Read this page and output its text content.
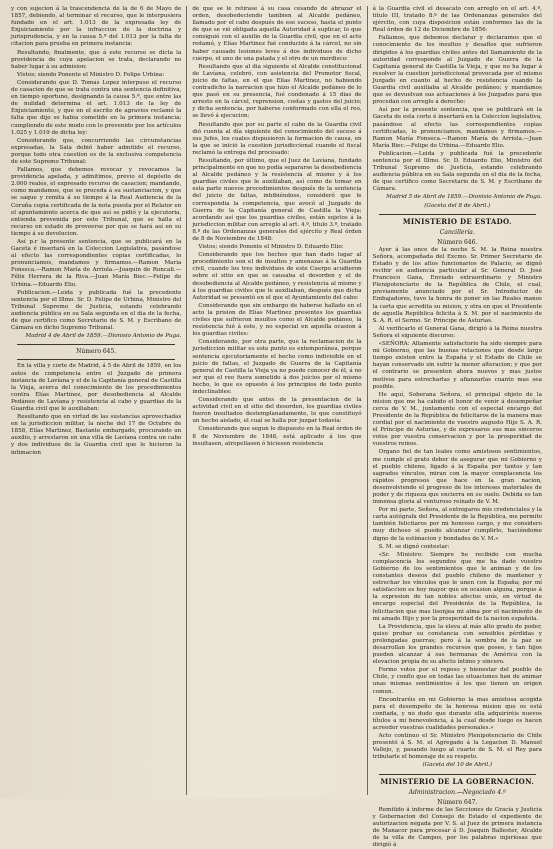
y con sujecion á la trascendencia de la de 6 de Mayo de 1857, debiendo, al terminar el recurso, que le interpusiera fundado en el art. 1.013 de la expresada ley de Enjuiciamiento por la infraccion de la doctrina y jurisprudencia, y en la causa 5.ª del 1.013 por la falta de citacion para prueba en primera instancia:

Resultando, finalmente, que á este recurso se dicta la providencia de cuya apelacion se trata, declarando no haber lugar á su admision:

Vistos; siendo Ponente el Ministro D. Felipe Urbina:

Considerando que D. Tomas Lopez interpuso el recurso de casacion de que se trata contra una sentencia definitiva, en tiempo oportuno, designando la causa 5.ª, que entre las de nulidad determina el art. 1.013 de la ley de Enjuiciamiento, y que en el escrito de agravios reclamó la falta que dijo se habia cometido en la primera instancia; cumpliendo de este modo con lo prevenido por los artículos 1.025 y 1.019 de dicha ley:

Considerando que, concurriendo las circunstancias expresadas, la Sala debió haber admitido el recurso, porque todo otra cuestion es de la exclusiva competencia de este Supremo Tribunal:

Fallamos, que debemos revocar y revocamos la providencia apelada, y admitimos, previo el depósito de 2.000 reales, el expresado recurso de casacion; mandando, como mandamos, que se proceda á su sustanciacion, y que se saque y remita á su tiempo á la Real Audiencia de la Coruña copia certificada de la nota puesta por el Relator en el apuntamiento acerca de que así se pidió y la ejecutoria, entienda prevenida por este Tribunal, que se halla el recurso en estado de proveerse por que se hará así en su tiempo á su devolucion.

Así p.r la presente sentencia, que se publicará en la Gaceta é insertará en la Coleccion Legislativa, pasándose al efecto las correspondientes copias certificadas, lo pronunciamos, mandamos y firmamos.—Ramon Maria Fonseca.—Ramon María de Arriola.—Joaquin de Roncali.—Félix Herrera de la Riva.—Juan María Biec.—Felipe de Urbina.—Eduardo Elio.

Publicacion.—Leida y publicada fué la precedente sentencia por el Illmo. Sr. D. Felipe de Urbina, Ministro del Tribunal Supremo de Justicia, estando celebrando audiencia pública en su Sala segunda en el dia de la fecha, de que certifico como Secretario de S. M. y Escribano de Cámara en dicho Supremo Tribunal.

Madrid 4 de Abril de 1859.—Dionisio Antonio de Puga.

Número 645.

En la villa y corte de Madrid, á 5 de Abril de 1859, en los autos de competencia entre el Juzgado de primera instancia de Lavíana y el de la Capitanía general de Castilla la Vieja, acerca del conocimiento de los procedimientos contra Elías Martinez, por desobediencia al Alcalde Pedáneo de Lavíana y resistencia al cabo y guardias de la Guardia civil que le auxiliaban:

Resultando que en virtud de las sustancias aprovechadas en la jurisdiccion militar, la noche del 17 de Octubre de 1858, Elías Martinez, Bastante embargado, procurando un auxilio, y arrestaron en una villa de Lavíana contra un cabo y dos individuos de la Guardia civil que le hicieron la intimacion

de que se le retirase á su casa cesando de abrazar el orden, desobedeciendo tambien al Alcalde pedáneo, llamado por el cabo después de ese suceso, hasta el punto de que se vió obligada aquella Autoridad á suplicar, lo que consiguió con el auxilio de la Guardia civil, que en el acto redamó, y Elías Martinez fué conducido á la cárcel, no sin haber causado lesiones leves á dos individuos de dicho cuerpo, el uno de una patada y el otro de un mordisco:

Resultando que al dia siguiente el Alcalde constitucional de Lavíana, celebró, con asistencia del Promotor fiscal, juicio de faltas, en el que Elías Martinez, no habiendo contradicho la narracion que hizo el Alcalde pedáneo de lo que pasó en su presencia, fué condenado á 15 dias de arresto en la cárcel, reprension, costas y gastos del juicio; y dicha sentencia, por haberse conformado con ella el reo, se llevó á ejecucion:

Resultando que por su parte el cabo de la Guardia civil dió cuenta al día siguiente del conocimiento del suceso á sus Jefes, los cuales dispusieron la formacion de causa, en la que se inició la cuestion jurisdiccional cuando el fiscal reclamó la entrega del procesado:

Resultando, por último, que el Juez de Lavíana, fundado principalmente en que no podia separarse la desobediencia al Alcalde pedáneo y la resistencia al mismo y á los guardias civiles que le auxiliaban, así como de tomar en esta parte nuevos procedimientos después de la sentencia del juicio de faltas, inhibiéndose, consideró que le correspondia la competencia, que avocó al Juzgado de Guerra de la Capitanía general de Castilla la Vieja; acordando así que los guardias civiles, están sujetos á la jurisdiccion militar con arreglo al art. 4.º, titulo 3.º, tratado 8.º de las Ordenanzas generales del ejército y Real órden de 8 de Noviembre de 1848:

Vistos; siendo Ponente el Ministro D. Eduardo Elio:

Considerando que los hechos que han dado lugar al procedimiento son el de insultos y amenazas á la Guardia civil, cuando los tres individuos de este Cuerpo acudieron sobre el sitio en que se causaba el desorden y el de desobediencia al Alcalde pedáneo, y resistencia al mismo y á los guardias civiles que le auxiliaban, después que dicha Autoridad se presentó en el que el Ayuntamiento del cabo:

Considerando que sin embargo de haberse hallado en el acto la prision de Elías Martinez presentes los guardias civiles que sufrieron insultos como el Alcalde pedáneo, la resistencia fué á este, y no especial en aquella ocasion á los guardias civiles:

Considerando, por otra parte, que la reclamacion de la jurisdiccion militar es este punto es extemporánea, porque sentencia ejecutoriamente el hecho como indivisible en el juicio de faltas, el Juzgado de Guerra de la Capitanía general de Castilla la Vieja ya no puede conocer de él, á no ser que el reo fuera sometido á dos juicios por el mismo hecho, lo que es opuesto á los principios de todo punto indeclinables:

Considerando que antes de la presentacion de la actividad civil en el sitio del desorden, los guardias civiles fueron insultados destemplanadamente, lo que constituyó un hecho aislado, el cual se halla por juzgar todavía:

Considerando que segun lo dispuesto en la Real órden de 8 de Noviembre de 1848, está aplicado á los que insultasen, atropellasen ó hiciesen resistencia

á la Guardia civil el desacato con arreglo en el art. 4.º, titulo III, tratado 8.º de las Ordenanzas generales del ejército, con cuya disposicion están conformes las de la Real órden de 12 de Diciembre de 1856:

Fallamos, que debemos declarar y declaramos que el conocimiento de los insultos y desafíos que sufrieron dirigidos á los guardias civiles antes del llamamiento de la autoridad corresponde al Juzgado de Guerra de la Capitanía general de Castilla la Vieja, y que no ha lugar á resolver la cuestion jurisdiccional provocada por el mismo Juzgado en cuanto al hecho de resistencia cuando la Guardia civil auxiliaba al Alcalde pedáneo; y mandamos que se devuelvan sus actuaciones á los Juzgados para que procedan con arreglo á derecho:

Así por la presente sentencia, que se publicará en la Gaceta de esta corte é insertará en la Coleccion legislativa, pasándose al efecto las correspondientes copias certificadas, lo pronunciamos, mandamos y firmamos.—Ramon María Fonseca.—Ramon María de Arriola.—Juan María Biec.—Felipe de Urbina.—Eduardo Elio.

Publicacion.—Leida y publicada fué la precedente sentencia por el Illmo. Sr. D. Eduardo Elio, Ministro del Tribunal Supremo de Justicia, estando celebrando audiencia pública en su Sala segunda en el dia de la fecha, de que certifico como Secretario de S. M. y Escribano de Cámara.

Madrid 5 de Abril de 1859.—Dionisio Antonio de Puga.

(Gaceta del 8 de Abril.)

MINISTERIO DE ESTADO.
Cancillería.

Número 646.

Ayer á las once de la noche S. M. la Reina nuestra Señora, acompañada del Excmo. Sr. Primer Secretario de Estado y de los altos funcionarios de Palacio, se dignó recibir en audiencia particular al Sr. General D. José Francisco Gana, Enviado extraordinario y Ministro Plenipotenciario de la República de Chile, el cual, previamente anunciado por el Sr. Introductor de Embajadores, tuvo la honra de poner en las Reales manos la carta que acredita su mision, y otra en que el Presidente de aquella República felicita á S. M. por el nacimiento de S. A. R. el Sermo. Sr. Príncipe de Asturias.

Al verificarlo el General Gana, dirigió á la Reina nuestra Señora el siguiente discurso:

«SEÑORA: Altamente satisfactorio ha sido siempre para mi Gobierno, que las buenas relaciones que desde largo tiempo existen entre la España y el Estado de Chile se hayan conservado sin sufrir la menor alteracion; y que por el contrario se presenten ahora nuevos y mas justos motivos para estrecharlas y afianzarlas cuanto mas sea posible.

He aquí, Soberana Señora, el principal objeto de la mision que me ha cabido el honor de venir á desempeñar cerca de V. M., juntamente con el especial encargo del Presidente de la República de felicitaros de la manera mas cordial por el nacimiento de vuestro augusto Hijo S. A. R. el Príncipe de Asturias, y de expresaros sus mas sinceros votos por vuestra conservacion y por la prosperidad de vuestros reinos.

Organo fiel de tan leales como amistosos sentimientos, me cumple el grato deber de asegurar que mi Gobierno y el pueblo chileno, ligado á la España por tantos y tan sagrados vínculos, miran con la mayor complacencia los rápidos progresos que hace en la gran nacion, desenvolviendo el progreso de los intereses materiales de poder y de riqueza que encierra en su suelo. Debida es tan inmensa gloria al venturoso reinado de V. M.

Por mi parte, Señora, al entregaros mis credenciales y la carta autógrafa del Presidente de la República, me permito también felicitaros por mi honroso cargo, y me considero muy dichoso si puedo alcanzar cumplirlo, haciéndome digno de la estimacion y bondades de V. M.»

S. M. se dignó contestar:

«Sr. Ministro: Siempre he recibido con mucha complacencia los segundos que me ha dado vuestro Gobierno de los sentimientos que le animan y de los constantes deseos del pueblo chileno de mantener y estrechar los vínculos que le unen con la España; por mí satisfaccion es hoy mayor que en ocasion alguna, porque á la expresion de tan nobles afectos unís, en virtud de encargo especial del Presidente de la República, la felicitacion que mas lisonjea mi alma por el nacimiento de mi amado Hijo y por la prosperidad de la nacion española.

La Providencia, que la eleva al más alto grado de poder, quiso probar su constancia con sensibles pérdidas y prolongadas guerras; pero á la sombra de la paz se desarrollan los grandes recursos que posee, y tan hijos pueden alcanzar á sus hermanas de América con la elevacion propia de su afecto íntimo y sincero.

Formo votos por el reposo y bienestar del pueblo de Chile, y confío que en todas las situaciones han de animar unas mismas sentimientos á los que tienen un origen comun.

Encontraréis en mi Gobierno la mas amistosa acogida para el desempeño de la honrosa mision que os está confiada, y no dudo que durante ella adquiriréis nuevos títulos a mi benevolencia, á la cual desde luego os hacen acreedor vuestras cualidades personales.»

Acto contínuo el Sr. Ministro Plenipotenciario de Chile presentó á S. M. el Agregado á la Legacion D. Manuel Vallejo, y, pasando luego al cuarto de S. M. el Rey para tributarle el homenaje de su respeto.

(Gaceta del 10 de Abril.)

MINISTERIO DE LA GOBERNACION.
Administracion.—Negociado 4.º

Número 647.

Remitido á informe de las Secciones de Gracia y Justicia y Gobernacion del Consejo de Estado el expediente de autorizacion negada por V. S. al Juez de primera instancia de Manacor para procesar á D. Joaquin Ballester, Alcalde de la villa de Campos, por los palabras injuriosas que dirigió á
